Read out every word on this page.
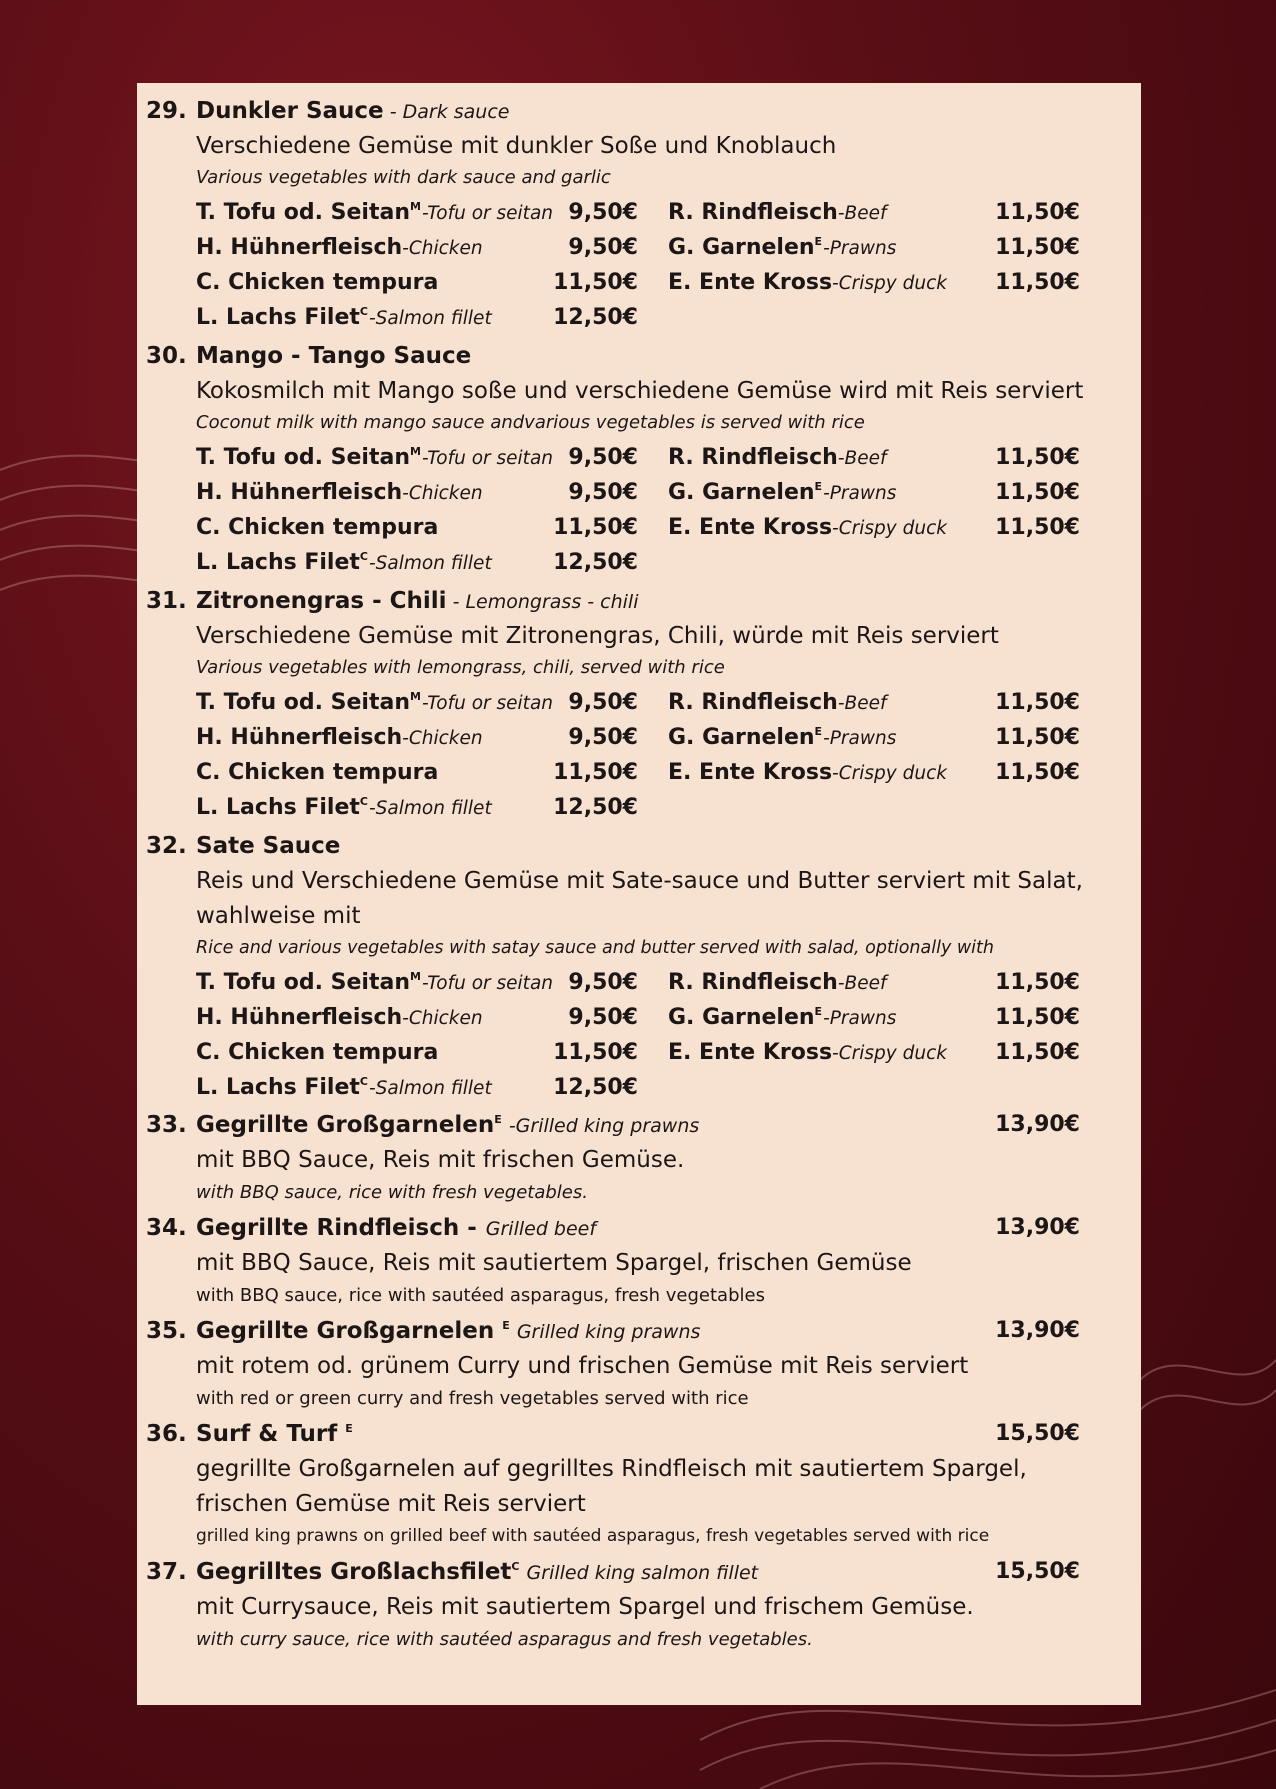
29. Dunkler Sauce - Dark sauce
Verschiedene Gemüse mit dunkler Soße und Knoblauch
Various vegetables with dark sauce and garlic
T. Tofu od. Seitan$^M$-Tofu or seitan 9,50€ R. Rindfleisch-Beef	11,50€
H. Hühnerfleisch-Chicken	9,50€ G. Garnelen$^E$-Prawns	11,50€
C. Chicken tempura	11,50€ E. Ente Kross-Crispy duck	11,50€
L. Lachs Filet$^C$-Salmon fillet	12,50€
30. Mango - Tango Sauce
Kokosmilch mit Mango soße und verschiedene Gemüse wird mit Reis serviert
Coconut milk with mango sauce andvarious vegetables is served with rice
T. Tofu od. Seitan$^M$-Tofu or seitan 9,50€ R. Rindfleisch-Beef	11,50€
H. Hühnerfleisch-Chicken	9,50€ G. Garnelen$^E$-Prawns	11,50€
C. Chicken tempura	11,50€ E. Ente Kross-Crispy duck	11,50€
L. Lachs Filet$^C$-Salmon fillet	12,50€
31. Zitronengras - Chili - Lemongrass - chili
Verschiedene Gemüse mit Zitronengras, Chili, würde mit Reis serviert
Various vegetables with lemongrass, chili, served with rice
T. Tofu od. Seitan$^M$-Tofu or seitan 9,50€ R. Rindfleisch-Beef	11,50€
H. Hühnerfleisch-Chicken	9,50€ G. Garnelen$^E$-Prawns	11,50€
C. Chicken tempura	11,50€ E. Ente Kross-Crispy duck	11,50€
L. Lachs Filet$^C$-Salmon fillet	12,50€
32. Sate Sauce
Reis und Verschiedene Gemüse mit Sate-sauce und Butter serviert mit Salat,
wahlweise mit
Rice and various vegetables with satay sauce and butter served with salad, optionally with
T. Tofu od. Seitan$^M$-Tofu or seitan 9,50€ R. Rindfleisch-Beef	11,50€
H. Hühnerfleisch-Chicken	9,50€ G. Garnelen$^E$-Prawns	11,50€
C. Chicken tempura	11,50€ E. Ente Kross-Crispy duck	11,50€
L. Lachs Filet$^C$-Salmon fillet	12,50€
33. Gegrillte Großgarnelen$^E$ -Grilled king prawns	13,90€
mit BBQ Sauce, Reis mit frischen Gemüse.
with BBQ sauce, rice with fresh vegetables.
34. Gegrillte Rindfleisch - Grilled beef	13,90€
mit BBQ Sauce, Reis mit sautiertem Spargel, frischen Gemüse
with BBQ sauce, rice with sautéed asparagus, fresh vegetables
35. Gegrillte Großgarnelen $^E$ Grilled king prawns	13,90€
mit rotem od. grünem Curry und frischen Gemüse mit Reis serviert
with red or green curry and fresh vegetables served with rice
36. Surf & Turf $^E$	15,50€
gegrillte Großgarnelen auf gegrilltes Rindfleisch mit sautiertem Spargel,
frischen Gemüse mit Reis serviert
grilled king prawns on grilled beef with sautéed asparagus, fresh vegetables served with rice
37. Gegrilltes Großlachsfilet$^C$ Grilled king salmon fillet	15,50€
mit Currysauce, Reis mit sautiertem Spargel und frischem Gemüse.
with curry sauce, rice with sautéed asparagus and fresh vegetables.
